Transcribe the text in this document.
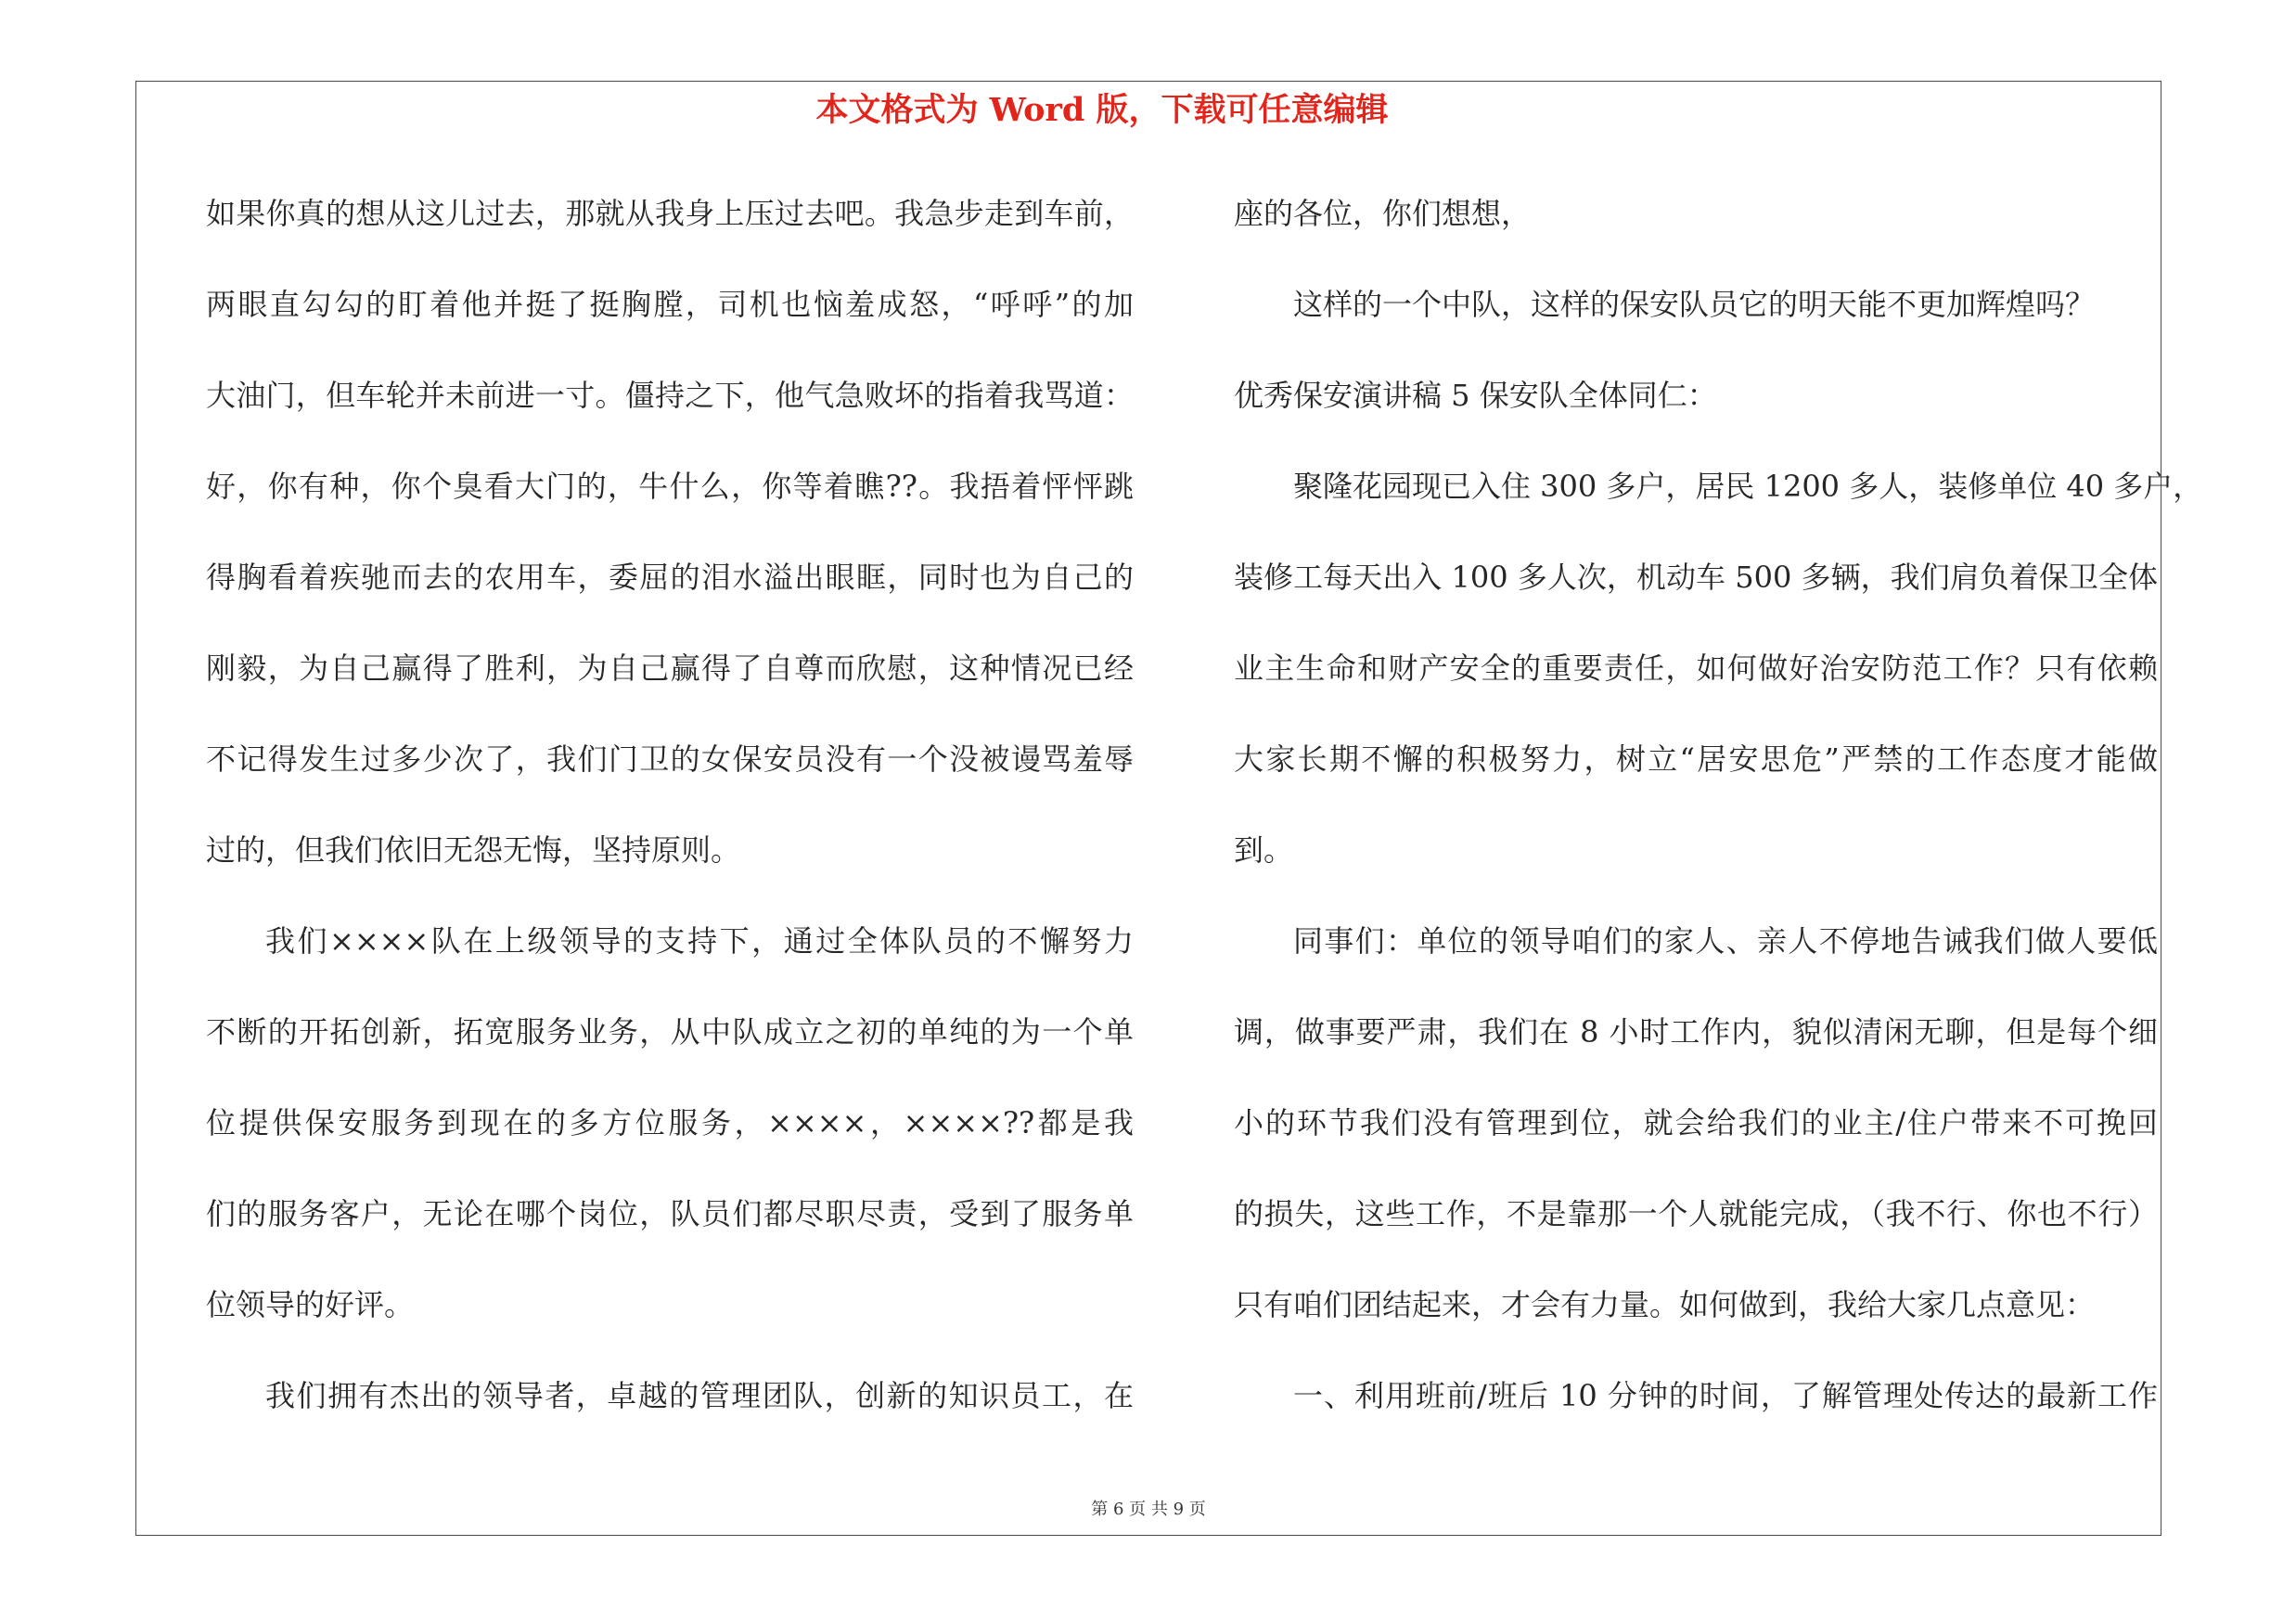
本文格式为 Word 版，下载可任意编辑
如果你真的想从这儿过去，那就从我身上压过去吧。我急步走到车前，
两眼直勾勾的盯着他并挺了挺胸膛，司机也恼羞成怒，“呼呼”的加
大油门，但车轮并未前进一寸。僵持之下，他气急败坏的指着我骂道：
好，你有种，你个臭看大门的，牛什么，你等着瞧??。我捂着怦怦跳
得胸看着疾驰而去的农用车，委屈的泪水溢出眼眶，同时也为自己的
刚毅，为自己赢得了胜利，为自己赢得了自尊而欣慰，这种情况已经
不记得发生过多少次了，我们门卫的女保安员没有一个没被谩骂羞辱
过的，但我们依旧无怨无悔，坚持原则。
我们××××队在上级领导的支持下，通过全体队员的不懈努力
不断的开拓创新，拓宽服务业务，从中队成立之初的单纯的为一个单
位提供保安服务到现在的多方位服务，××××，××××??都是我
们的服务客户，无论在哪个岗位，队员们都尽职尽责，受到了服务单
位领导的好评。
我们拥有杰出的领导者，卓越的管理团队，创新的知识员工，在
座的各位，你们想想，
这样的一个中队，这样的保安队员它的明天能不更加辉煌吗？
优秀保安演讲稿 5 保安队全体同仁：
聚隆花园现已入住 300 多户，居民 1200 多人，装修单位 40 多户，
装修工每天出入 100 多人次，机动车 500 多辆，我们肩负着保卫全体
业主生命和财产安全的重要责任，如何做好治安防范工作？只有依赖
大家长期不懈的积极努力，树立“居安思危”严禁的工作态度才能做
到。
同事们：单位的领导咱们的家人、亲人不停地告诫我们做人要低
调，做事要严肃，我们在 8 小时工作内，貌似清闲无聊，但是每个细
小的环节我们没有管理到位，就会给我们的业主/住户带来不可挽回
的损失，这些工作，不是靠那一个人就能完成，（我不行、你也不行）
只有咱们团结起来，才会有力量。如何做到，我给大家几点意见：
一、利用班前/班后 10 分钟的时间，了解管理处传达的最新工作
第 6 页 共 9 页
